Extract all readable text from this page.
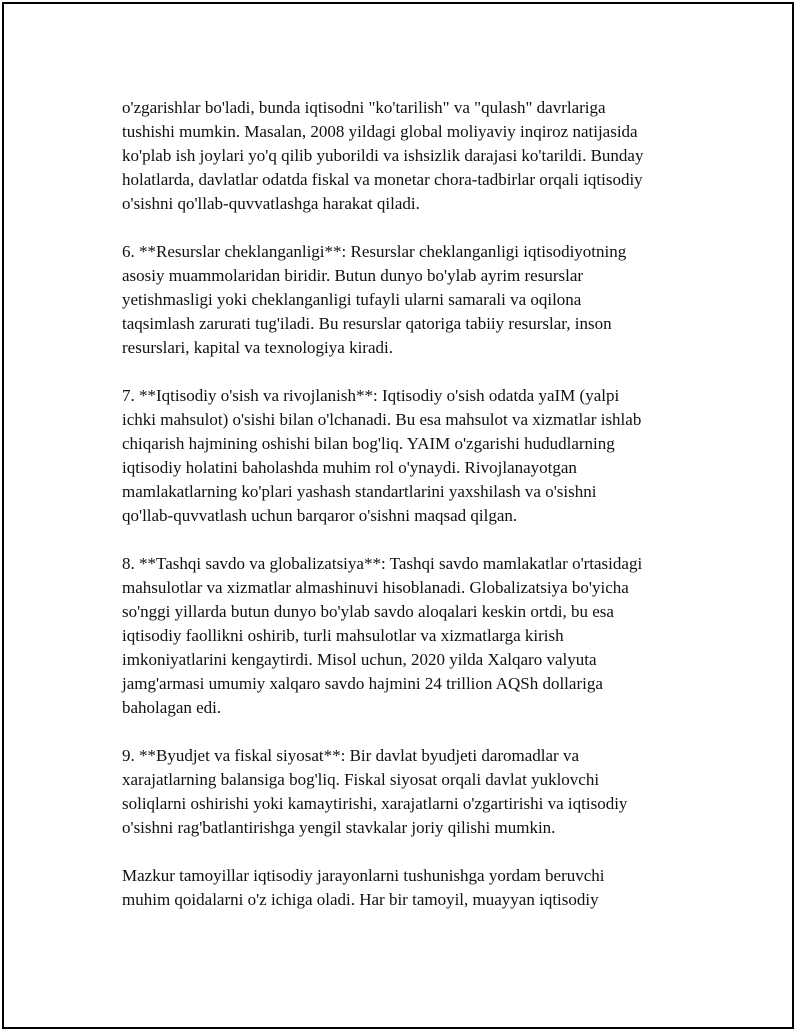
o'zgarishlar bo'ladi, bunda iqtisodni "ko'tarilish" va "qulash" davrlariga
tushishi mumkin. Masalan, 2008 yildagi global moliyaviy inqiroz natijasida
ko'plab ish joylari yo'q qilib yuborildi va ishsizlik darajasi ko'tarildi. Bunday
holatlarda, davlatlar odatda fiskal va monetar chora-tadbirlar orqali iqtisodiy
o'sishni qo'llab-quvvatlashga harakat qiladi.

6. **Resurslar cheklanganligi**: Resurslar cheklanganligi iqtisodiyotning
asosiy muammolaridan biridir. Butun dunyo bo'ylab ayrim resurslar
yetishmasligi yoki cheklanganligi tufayli ularni samarali va oqilona
taqsimlash zarurati tug'iladi. Bu resurslar qatoriga tabiiy resurslar, inson
resurslari, kapital va texnologiya kiradi.

7. **Iqtisodiy o'sish va rivojlanish**: Iqtisodiy o'sish odatda yaIM (yalpi
ichki mahsulot) o'sishi bilan o'lchanadi. Bu esa mahsulot va xizmatlar ishlab
chiqarish hajmining oshishi bilan bog'liq. YAIM o'zgarishi hududlarning
iqtisodiy holatini baholashda muhim rol o'ynaydi. Rivojlanayotgan
mamlakatlarning ko'plari yashash standartlarini yaxshilash va o'sishni
qo'llab-quvvatlash uchun barqaror o'sishni maqsad qilgan.

8. **Tashqi savdo va globalizatsiya**: Tashqi savdo mamlakatlar o'rtasidagi
mahsulotlar va xizmatlar almashinuvi hisoblanadi. Globalizatsiya bo'yicha
so'nggi yillarda butun dunyo bo'ylab savdo aloqalari keskin ortdi, bu esa
iqtisodiy faollikni oshirib, turli mahsulotlar va xizmatlarga kirish
imkoniyatlarini kengaytirdi. Misol uchun, 2020 yilda Xalqaro valyuta
jamg'armasi umumiy xalqaro savdo hajmini 24 trillion AQSh dollariga
baholagan edi.

9. **Byudjet va fiskal siyosat**: Bir davlat byudjeti daromadlar va
xarajatlarning balansiga bog'liq. Fiskal siyosat orqali davlat yuklovchi
soliqlarni oshirishi yoki kamaytirishi, xarajatlarni o'zgartirishi va iqtisodiy
o'sishni rag'batlantirishga yengil stavkalar joriy qilishi mumkin.

Mazkur tamoyillar iqtisodiy jarayonlarni tushunishga yordam beruvchi
muhim qoidalarni o'z ichiga oladi. Har bir tamoyil, muayyan iqtisodiy
